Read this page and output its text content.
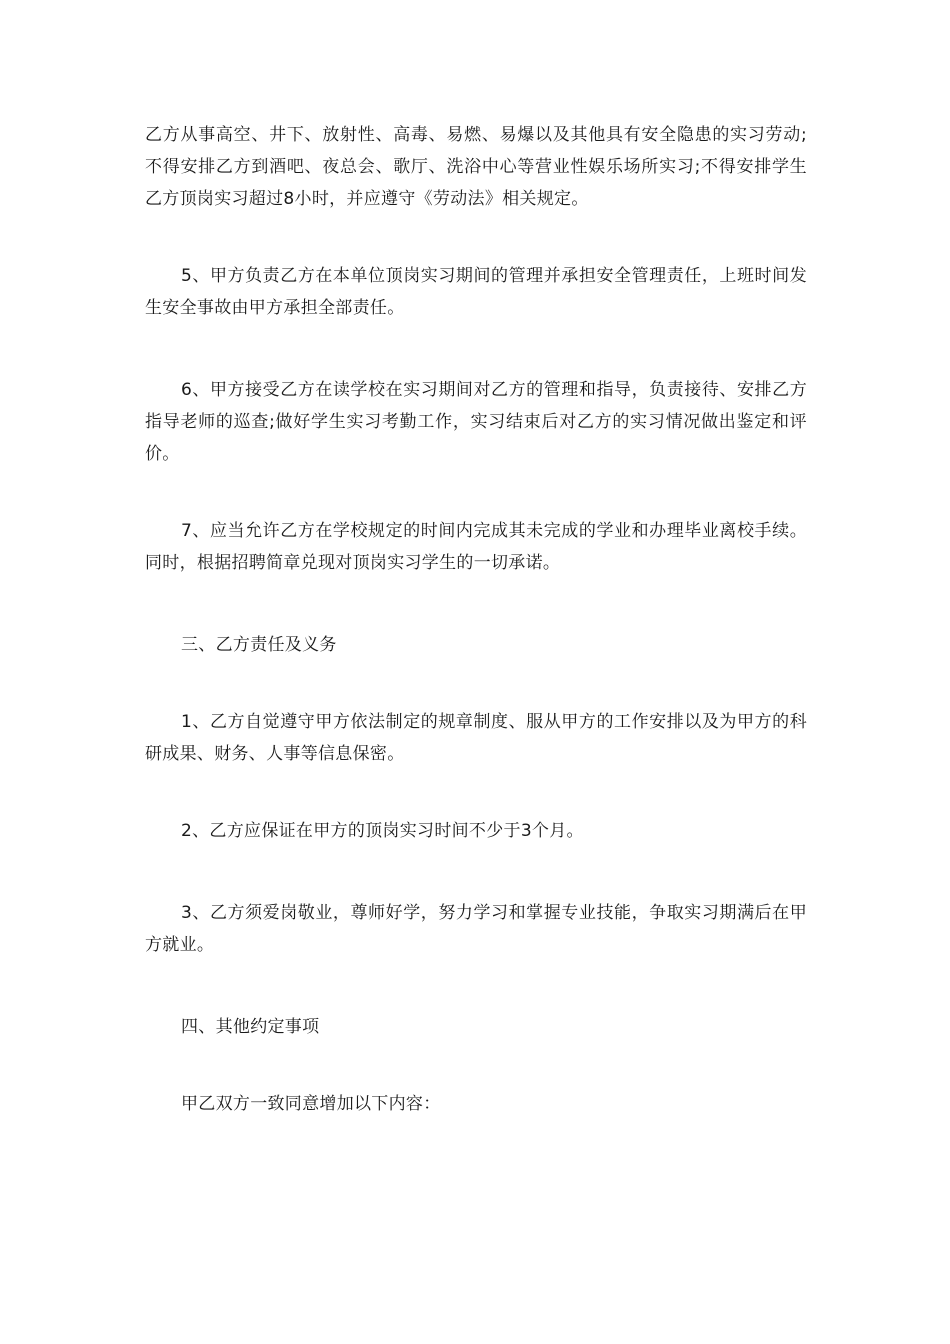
乙方从事高空、井下、放射性、高毒、易燃、易爆以及其他具有安全隐患的实习劳动;不得安排乙方到酒吧、夜总会、歌厅、洗浴中心等营业性娱乐场所实习;不得安排学生乙方顶岗实习超过8小时，并应遵守《劳动法》相关规定。

5、甲方负责乙方在本单位顶岗实习期间的管理并承担安全管理责任，上班时间发生安全事故由甲方承担全部责任。

6、甲方接受乙方在读学校在实习期间对乙方的管理和指导，负责接待、安排乙方指导老师的巡查;做好学生实习考勤工作，实习结束后对乙方的实习情况做出鉴定和评价。

7、应当允许乙方在学校规定的时间内完成其未完成的学业和办理毕业离校手续。同时，根据招聘简章兑现对顶岗实习学生的一切承诺。

三、乙方责任及义务

1、乙方自觉遵守甲方依法制定的规章制度、服从甲方的工作安排以及为甲方的科研成果、财务、人事等信息保密。

2、乙方应保证在甲方的顶岗实习时间不少于3个月。

3、乙方须爱岗敬业，尊师好学，努力学习和掌握专业技能，争取实习期满后在甲方就业。

四、其他约定事项

甲乙双方一致同意增加以下内容：
